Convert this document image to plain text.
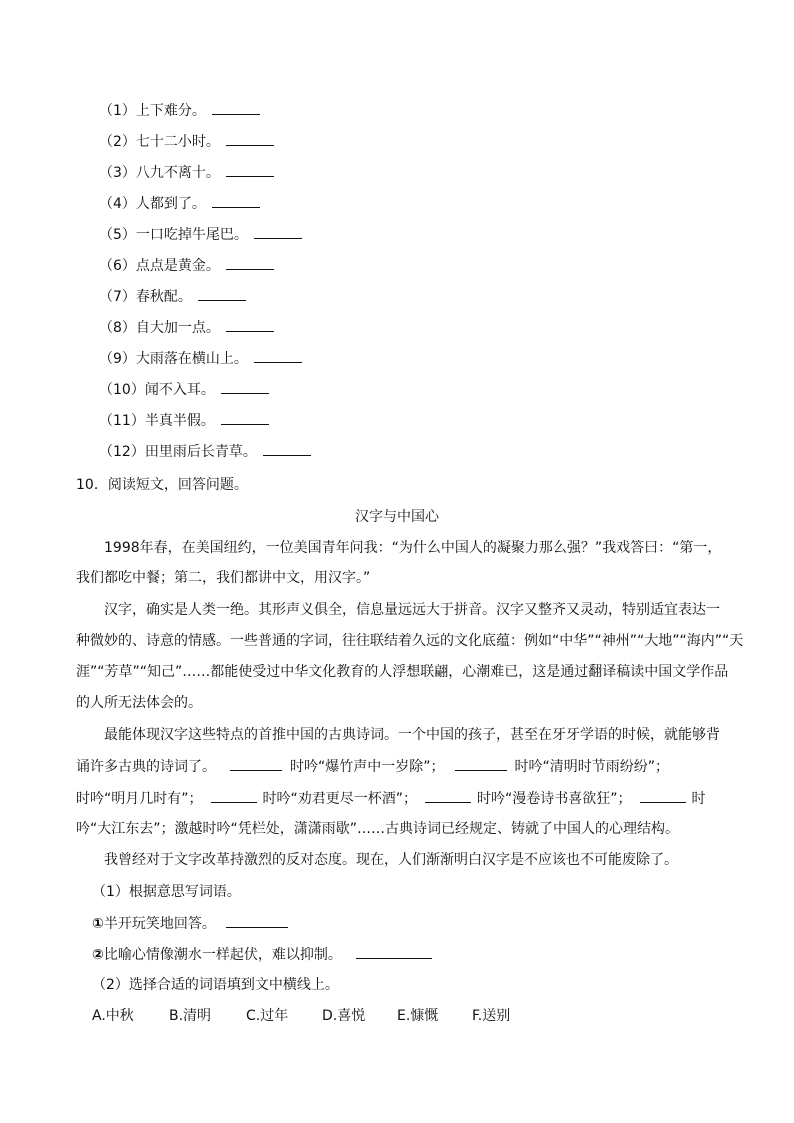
（1）上下难分。
（2）七十二小时。
（3）八九不离十。
（4）人都到了。
（5）一口吃掉牛尾巴。
（6）点点是黄金。
（7）春秋配。
（8）自大加一点。
（9）大雨落在横山上。
（10）闻不入耳。
（11）半真半假。
（12）田里雨后长青草。
10．阅读短文，回答问题。
汉字与中国心
1998年春，在美国纽约，一位美国青年问我：“为什么中国人的凝聚力那么强？”我戏答曰：“第一，
我们都吃中餐；第二，我们都讲中文，用汉字。”
汉字，确实是人类一绝。其形声义俱全，信息量远远大于拼音。汉字又整齐又灵动，特别适宜表达一
种微妙的、诗意的情感。一些普通的字词，往往联结着久远的文化底蕴：例如“中华”“神州”“大地”“海内”“天
涯”“芳草”“知己”……都能使受过中华文化教育的人浮想联翩，心潮难已，这是通过翻译稿读中国文学作品
的人所无法体会的。
最能体现汉字这些特点的首推中国的古典诗词。一个中国的孩子，甚至在牙牙学语的时候，就能够背
诵许多古典的诗词了。	时吟“爆竹声中一岁除”；	时吟“清明时节雨纷纷”；
时吟“明月几时有”；	时吟“劝君更尽一杯酒”；	时吟“漫卷诗书喜欲狂”；	时
吟“大江东去”；激越时吟“凭栏处，潇潇雨歇”……古典诗词已经规定、铸就了中国人的心理结构。
我曾经对于文字改革持激烈的反对态度。现在，人们渐渐明白汉字是不应该也不可能废除了。
（1）根据意思写词语。
①半开玩笑地回答。
②比喻心情像潮水一样起伏，难以抑制。
（2）选择合适的词语填到文中横线上。
A.中秋	B.清明 C.过年 D.喜悦 E.慷慨 F.送别
